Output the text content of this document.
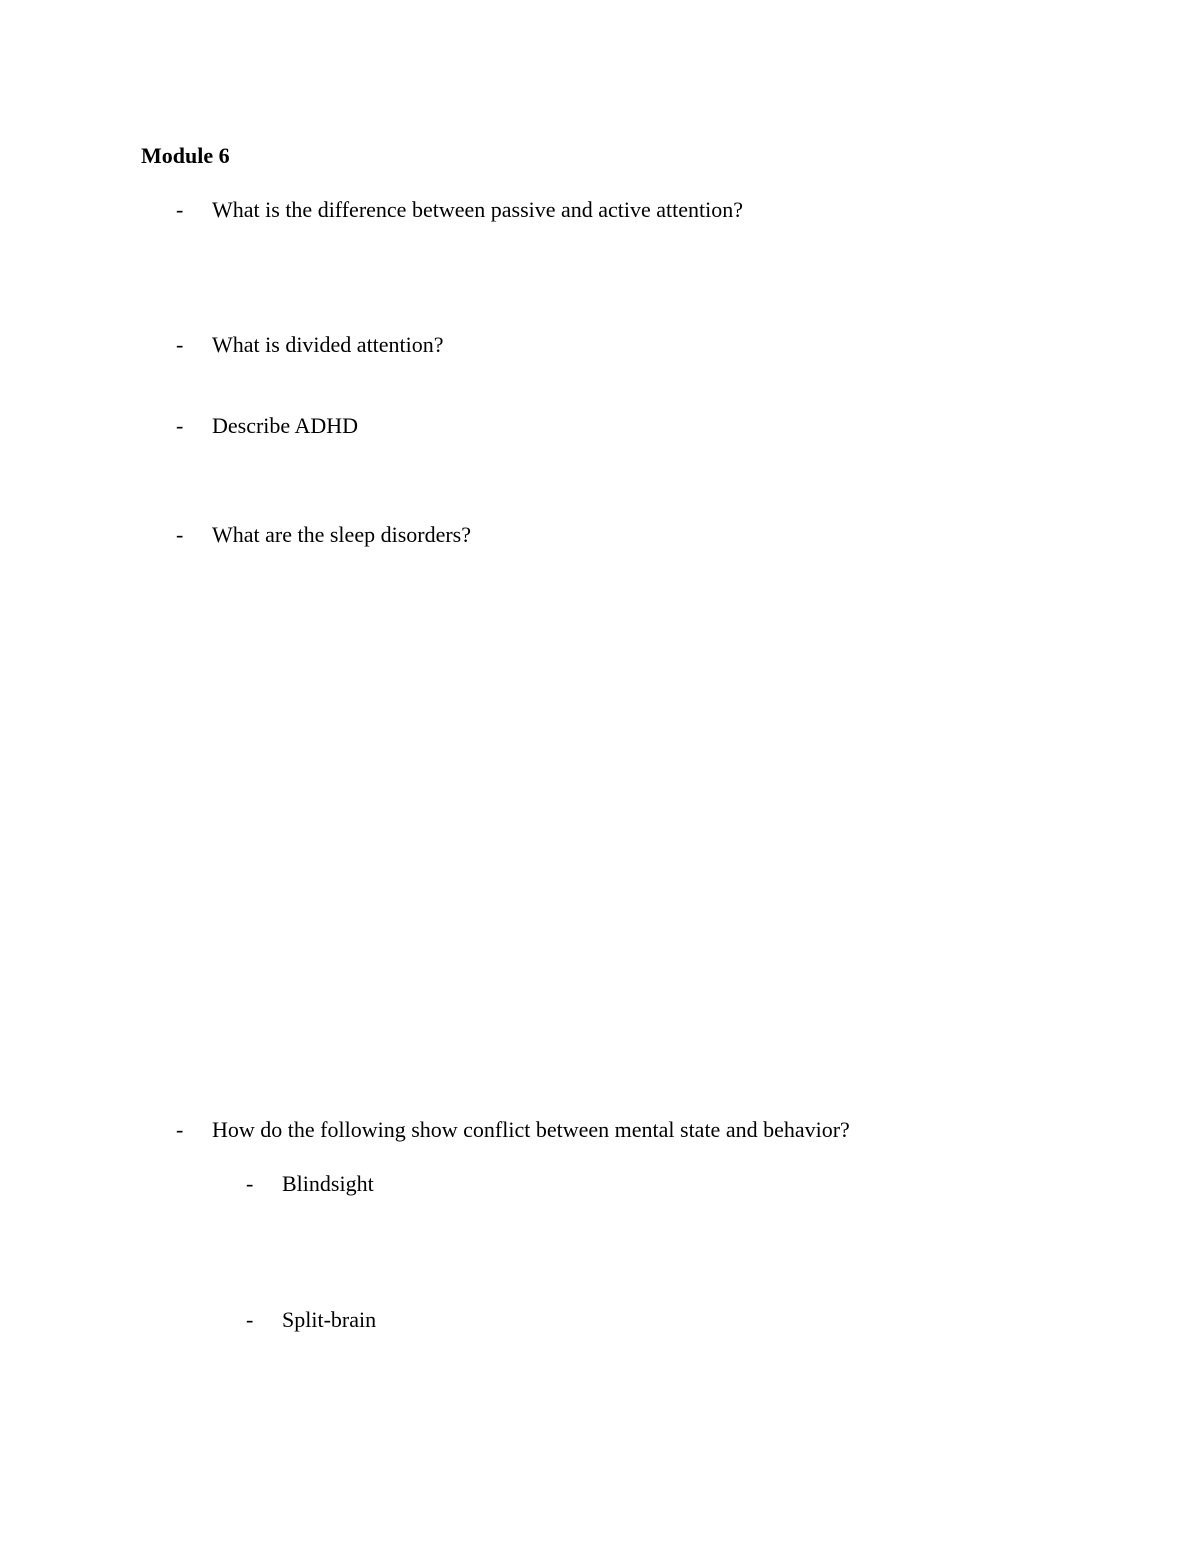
Module 6
- What is the difference between passive and active attention?
- What is divided attention?
- Describe ADHD
- What are the sleep disorders?
- How do the following show conflict between mental state and behavior?
- Blindsight
- Split-brain
